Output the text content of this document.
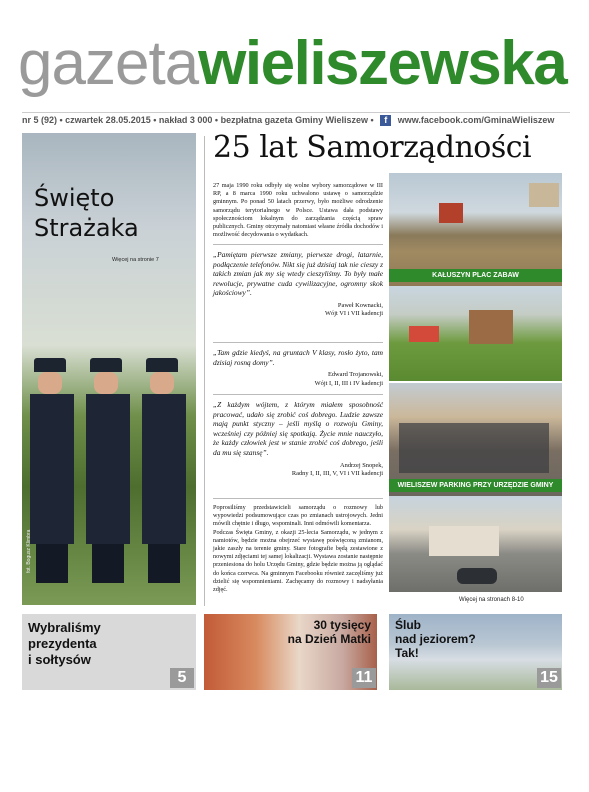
gazetawieliszewska
nr 5 (92) • czwartek 28.05.2015 • nakład 3 000 • bezpłatna gazeta Gminy Wieliszew • f www.facebook.com/GminaWieliszew
Święto
Strażaka
Więcej na stronie 7
fot. Bogusz Klimbra
25 lat Samorządności
27 maja 1990 roku odbyły się wolne wybory samorządowe w III RP, a 8 marca 1990 roku uchwalono ustawę o samorządzie gminnym. Po ponad 50 latach przerwy, było możliwe odrodzenie samorządu terytorialnego w Polsce. Ustawa dała podstawy społecznościom lokalnym do zarządzania częścią spraw publicznych. Gminy otrzymały natomiast własne źródła dochodów i możliwość decydowania o wydatkach.
„Pamiętam pierwsze zmiany, pierwsze drogi, latarnie, podłączenie telefonów. Nikt się już dzisiaj tak nie cieszy z takich zmian jak my się wtedy cieszyliśmy. To były małe rewolucje, prywatne cuda cywilizacyjne, ogromny skok jakościowy”.
Paweł Kownacki,
Wójt VI i VII kadencji
„Tam gdzie kiedyś, na gruntach V klasy, rosło żyto, tam dzisiaj rosną domy”.
Edward Trojanowski,
Wójt I, II, III i IV kadencji
„Z każdym wójtem, z którym miałem sposobność pracować, udało się zrobić coś dobrego. Ludzie zawsze mają punkt styczny – jeśli myślą o rozwoju Gminy, wcześniej czy później się spotkają. Życie mnie nauczyło, że każdy człowiek jest w stanie zrobić coś dobrego, jeśli da mu się szansę”.
Andrzej Snopek,
Radny I, II, III, V, VI i VII kadencji
Poprosiliśmy przedstawicieli samorządu o rozmowy lub wypowiedzi podsumowujące czas po zmianach ustrojowych. Jedni mówili chętnie i długo, wspominali. Inni odmówili komentarza.
Podczas Święta Gminy, z okazji 25-lecia Samorządu, w jednym z namiotów, będzie można obejrzeć wystawę poświęconą zmianom, jakie zaszły na terenie gminy. Stare fotografie będą zestawione z nowymi zdjęciami tej samej lokalizacji. Wystawa zostanie następnie przeniesiona do holu Urzędu Gminy, gdzie będzie można ją oglądać do końca czerwca. Na gminnym Facebooku również zaczęliśmy już dzielić się wspomnieniami. Zachęcamy do rozmowy i nadsyłania zdjęć.
KAŁUSZYN PLAC ZABAW
WIELISZEW PARKING PRZY URZĘDZIE GMINY
Więcej na stronach 8-10
Wybraliśmy
prezydenta
i sołtysów
5
30 tysięcy
na Dzień Matki
11
Ślub
nad jeziorem?
Tak!
15
